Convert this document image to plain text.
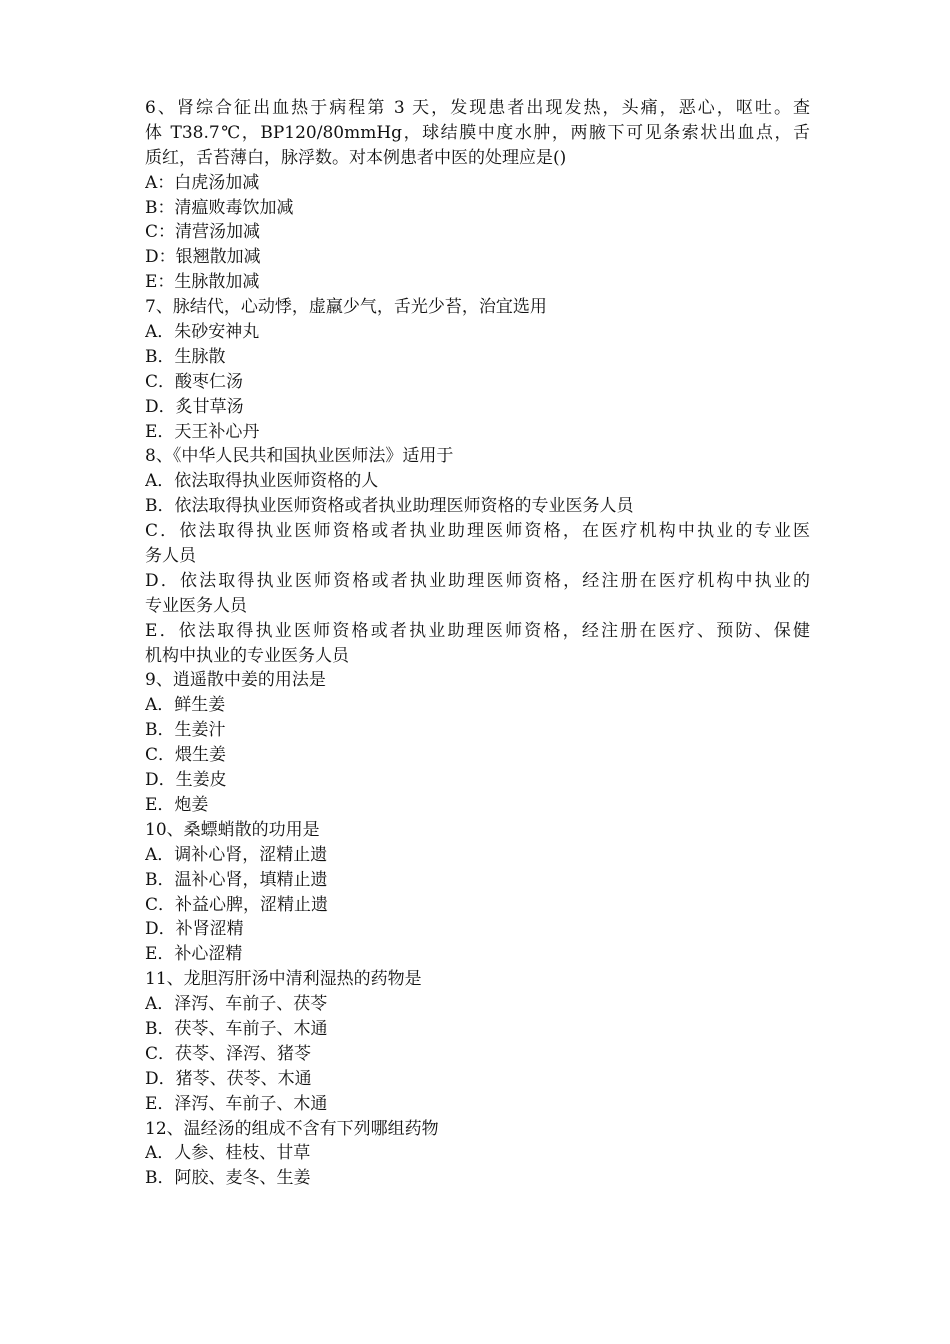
6、肾综合征出血热于病程第 3 天，发现患者出现发热，头痛，恶心，呕吐。查
体 T38.7℃，BP120/80mmHg，球结膜中度水肿，两腋下可见条索状出血点，舌
质红，舌苔薄白，脉浮数。对本例患者中医的处理应是()
A：白虎汤加减
B：清瘟败毒饮加减
C：清营汤加减
D：银翘散加减
E：生脉散加减
7、脉结代，心动悸，虚羸少气，舌光少苔，治宜选用
A．朱砂安神丸
B．生脉散
C．酸枣仁汤
D．炙甘草汤
E．天王补心丹
8、《中华人民共和国执业医师法》适用于
A．依法取得执业医师资格的人
B．依法取得执业医师资格或者执业助理医师资格的专业医务人员
C．依法取得执业医师资格或者执业助理医师资格，在医疗机构中执业的专业医
务人员
D．依法取得执业医师资格或者执业助理医师资格，经注册在医疗机构中执业的
专业医务人员
E．依法取得执业医师资格或者执业助理医师资格，经注册在医疗、预防、保健
机构中执业的专业医务人员
9、逍遥散中姜的用法是
A．鲜生姜
B．生姜汁
C．煨生姜
D．生姜皮
E．炮姜
10、桑螵蛸散的功用是
A．调补心肾，涩精止遗
B．温补心肾，填精止遗
C．补益心脾，涩精止遗
D．补肾涩精
E．补心涩精
11、龙胆泻肝汤中清利湿热的药物是
A．泽泻、车前子、茯苓
B．茯苓、车前子、木通
C．茯苓、泽泻、猪苓
D．猪苓、茯苓、木通
E．泽泻、车前子、木通
12、温经汤的组成不含有下列哪组药物
A．人参、桂枝、甘草
B．阿胶、麦冬、生姜
